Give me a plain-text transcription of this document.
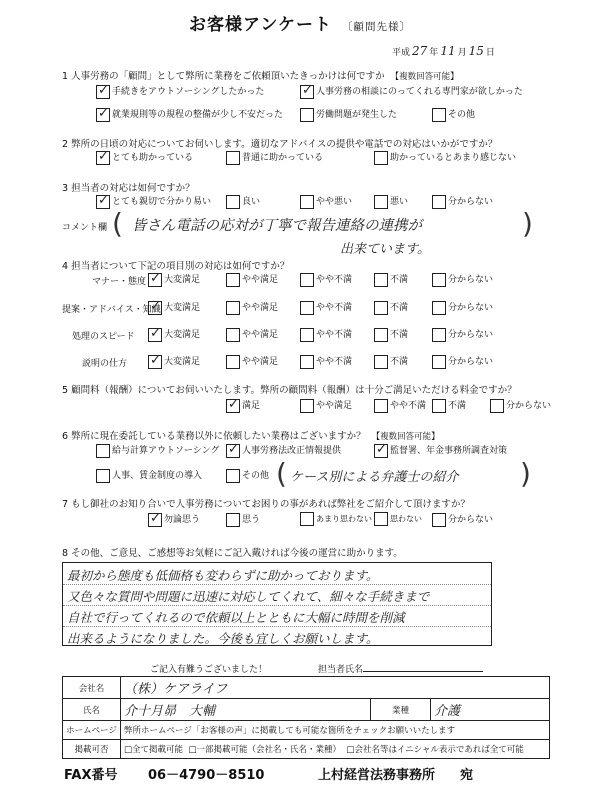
お客様アンケート 〔顧問先様〕
平成 27 年 11 月 15 日
1 人事労務の「顧問」として弊所に業務をご依頼頂いたきっかけは何ですか 【複数回答可能】
✓手続きをアウトソーシングしたかった ✓	人事労務の相談にのってくれる専門家が欲しかった
✓就業規則等の規程の整備が少し不安だった	労働問題が発生した	その他
2 弊所の日頃の対応についてお伺いします。適切なアドバイスの提供や電話での対応はいかがですか？
✓とても助かっている	普通に助かっている	助かっているとあまり感じない
3 担当者の対応は如何ですか？
✓とても親切で分かり易い	良い	やや悪い	悪い	分からない
コメント欄 (	)
皆さん電話の応対が丁寧で報告連絡の連携が
出来ています。
4 担当者について下記の項目別の対応は如何ですか？
マナー・態度 ✓	大変満足	やや満足	やや不満	不満	分からない
提案・アドバイス・知識 ✓ 大変満足	やや満足	やや不満	不満	分からない
処理のスピード ✓	大変満足	やや満足	やや不満	不満	分からない
説明の仕方 ✓	大変満足	やや満足	やや不満	不満	分からない
5 顧問料（報酬）についてお伺いいたします。弊所の顧問料（報酬）は十分ご満足いただける料金ですか？
✓満足	やや満足	やや不満	不満	分からない
6 弊所に現在委託している業務以外に依頼したい業務はございますか？ 【複数回答可能】
給与計算アウトソーシング ✓	人事労務法改正情報提供 ✓	監督署、年金事務所調査対策
人事、賃金制度の導入	その他 ( ケース別による弁護士の紹介 )
7 もし御社のお知り合いで人事労務についてお困りの事があれば弊社をご紹介して頂けますか？
✓勿論思う	思う	あまり思わない	思わない	分からない
8 その他、ご意見、ご感想等お気軽にご記入戴ければ今後の運営に助かります。
最初から態度も低価格も変わらずに助かっております。
又色々な質問や問題に迅速に対応してくれて、細々な手続きまで
自社で行ってくれるので依頼以上とともに大幅に時間を削減
出来るようになりました。今後も宜しくお願いします。
ご記入有難うございました！	担当者氏名
会社名	（株）ケアライフ		
氏名	介十月昴　大輔	業種	介護
ホームページ	弊所ホームページ「お客様の声」に掲載しても可能な箇所をチェックお願いいたします		
掲載可否	□全て掲載可能 □一部掲載可能（会社名・氏名・業種） □会社名等はイニシャル表示であれば全て可能		
FAX番号 06－4790－8510	上村経営法務事務所 宛
